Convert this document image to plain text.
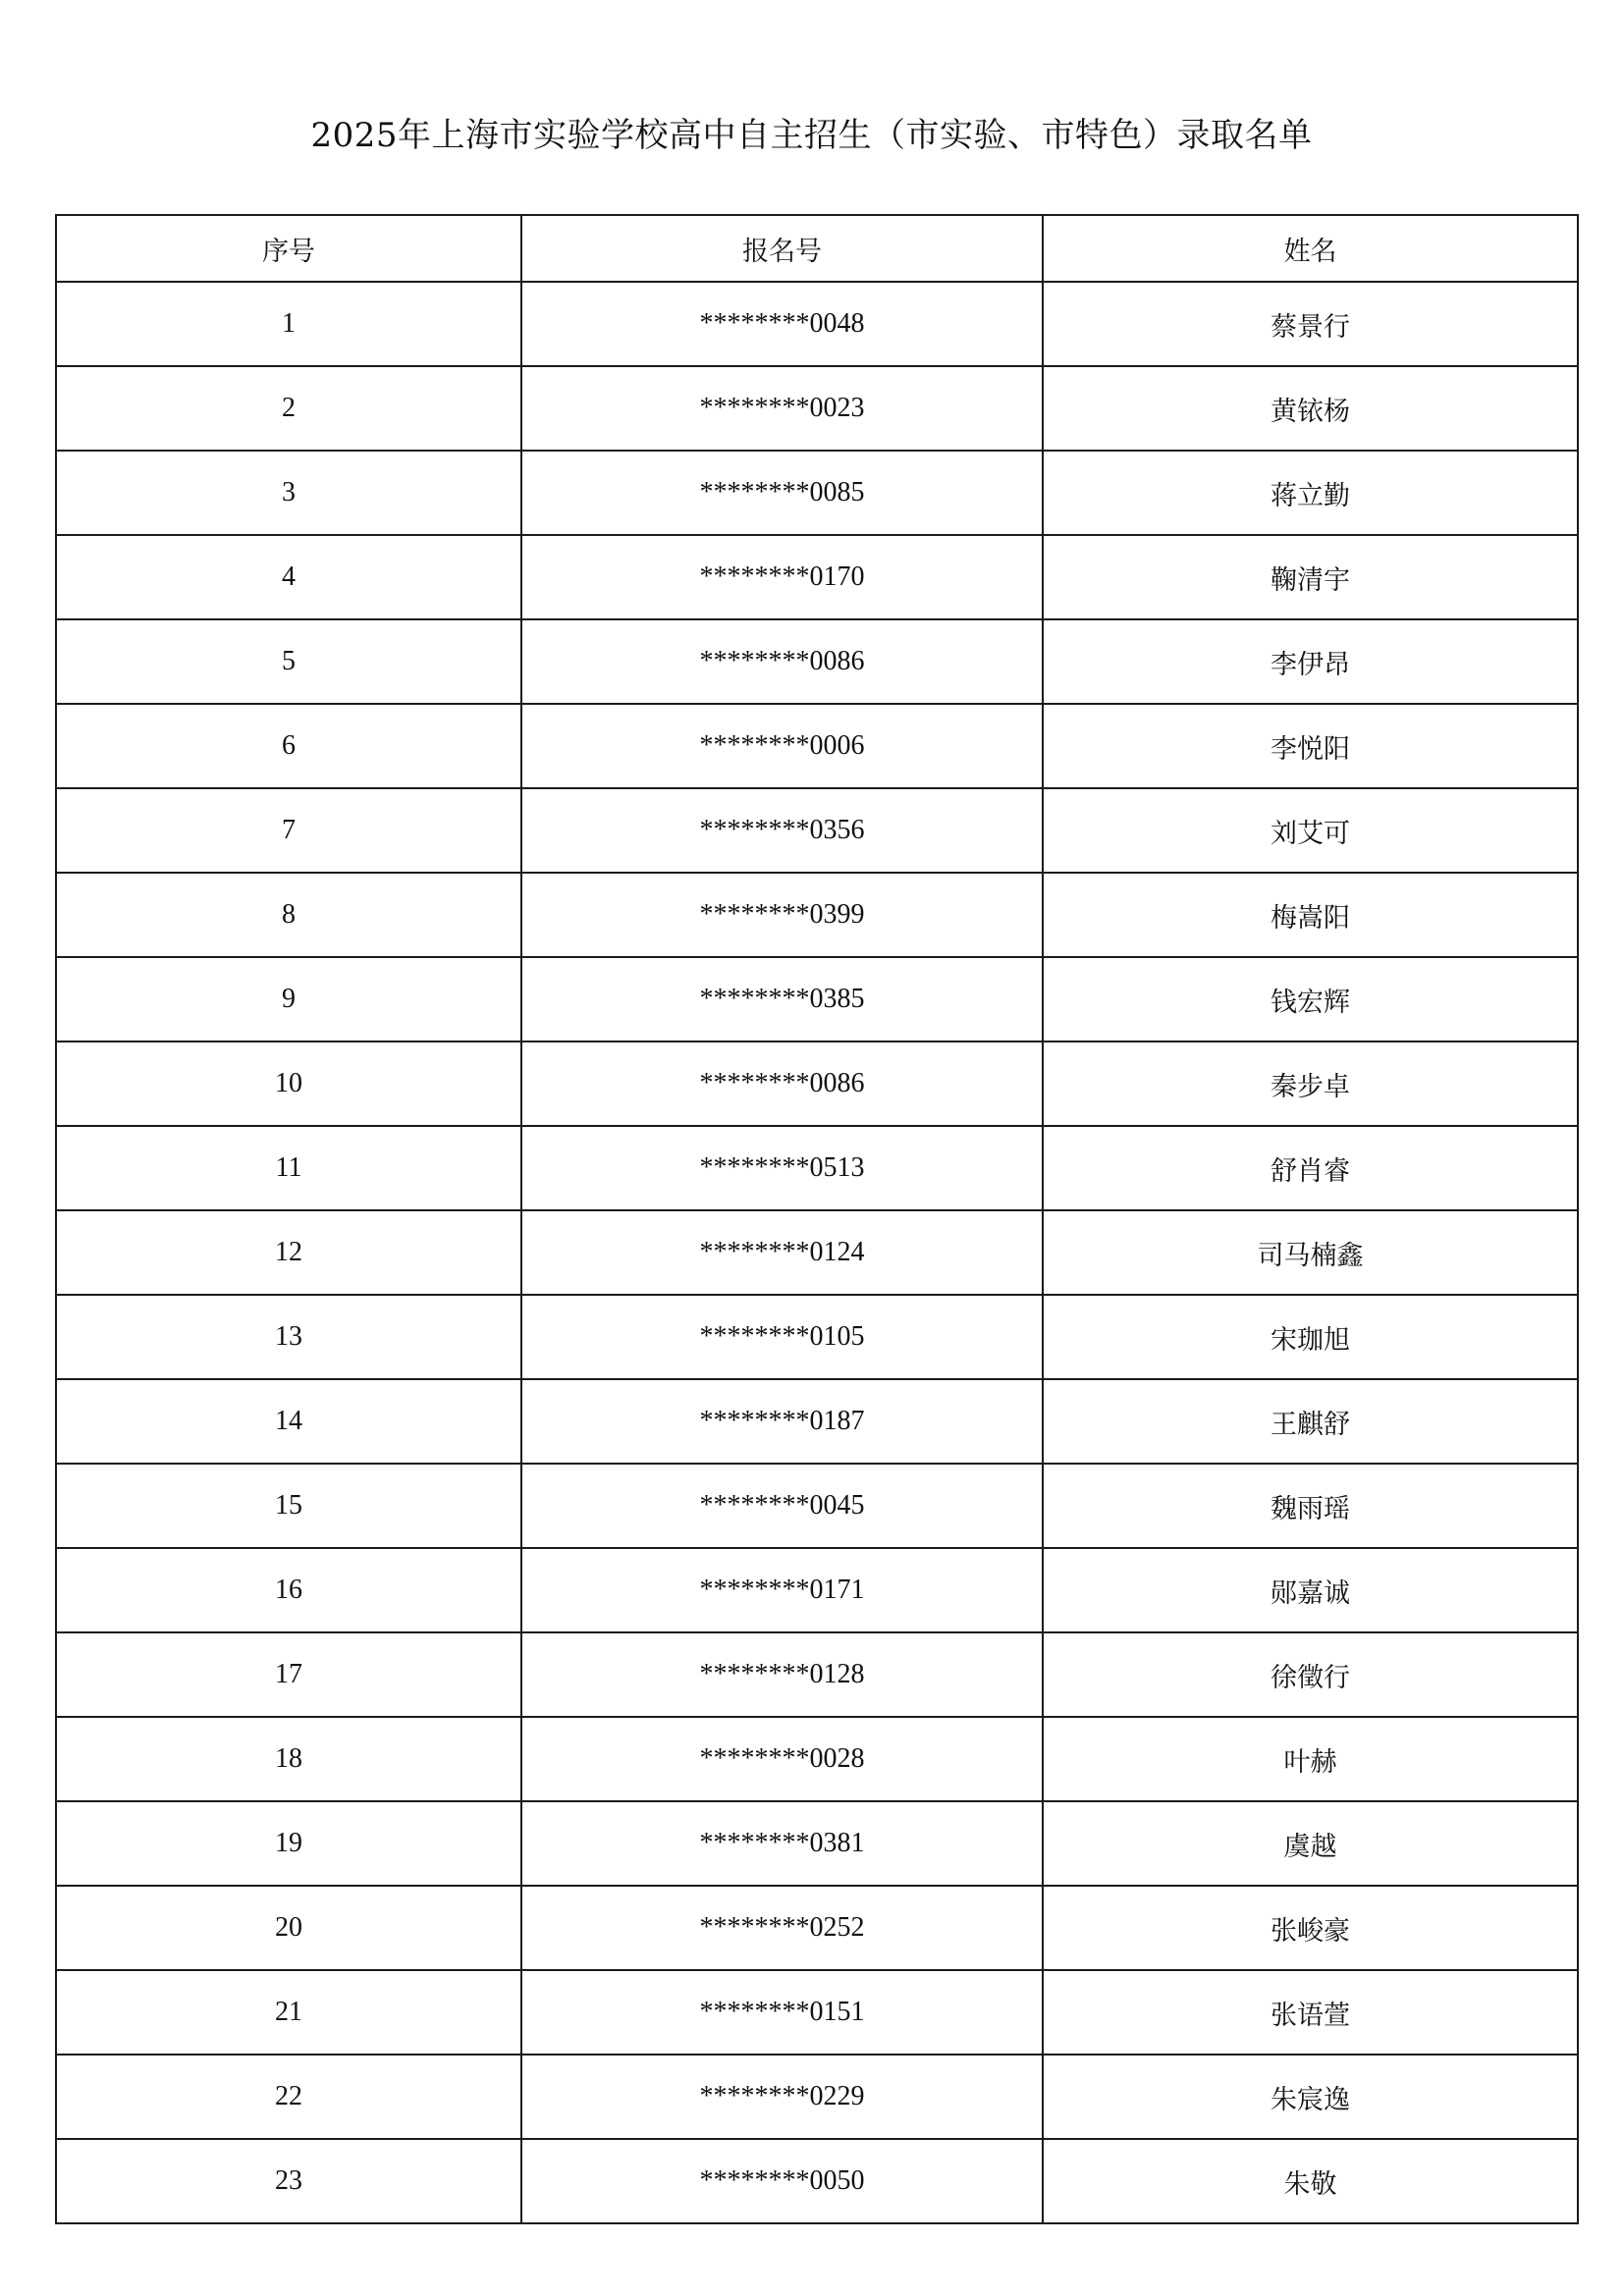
2025年上海市实验学校高中自主招生（市实验、市特色）录取名单
序号	报名号	姓名
1	********0048	蔡景行
2	********0023	黄铱杨
3	********0085	蒋立勤
4	********0170	鞠清宇
5	********0086	李伊昂
6	********0006	李悦阳
7	********0356	刘艾可
8	********0399	梅嵩阳
9	********0385	钱宏辉
10	********0086	秦步卓
11	********0513	舒肖睿
12	********0124	司马楠鑫
13	********0105	宋珈旭
14	********0187	王麒舒
15	********0045	魏雨瑶
16	********0171	郧嘉诚
17	********0128	徐徵行
18	********0028	叶赫
19	********0381	虞越
20	********0252	张峻豪
21	********0151	张语萱
22	********0229	朱宸逸
23	********0050	朱敬
